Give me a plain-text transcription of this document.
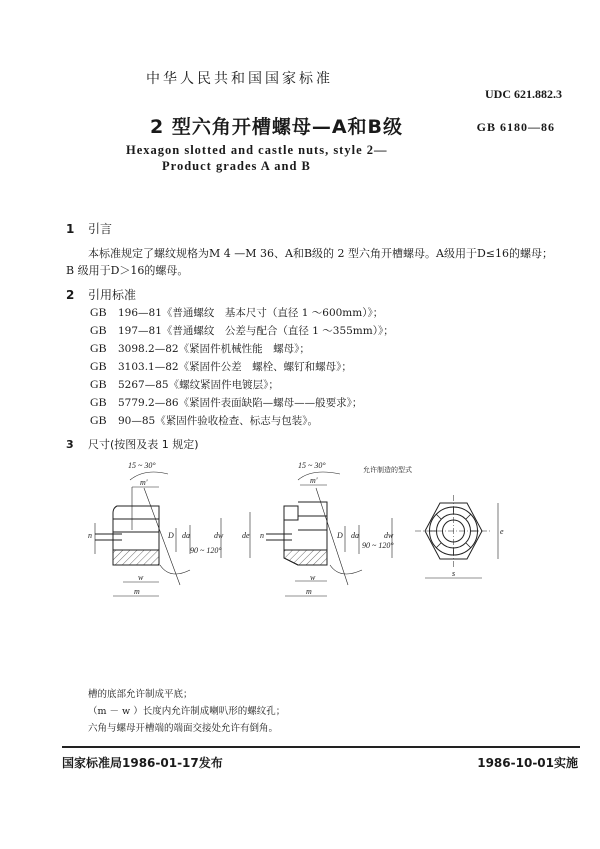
中华人民共和国国家标准
UDC 621.882.3
2 型六角开槽螺母—A和B级	GB 6180—86
Hexagon slotted and castle nuts, style 2—
Product grades A and B
1 引言
本标准规定了螺纹规格为M 4 —M 36、A和B级的 2 型六角开槽螺母。A级用于D≤16的螺母；
B 级用于D＞16的螺母。
2 引用标准
GB 196—81《普通螺纹　基本尺寸（直径 1 ～600mm）》；
GB 197—81《普通螺纹　公差与配合（直径 1 ～355mm）》；
GB 3098.2—82《紧固件机械性能　螺母》；
GB 3103.1—82《紧固件公差　螺栓、螺钉和螺母》；
GB 5267—85《螺纹紧固件电镀层》；
GB 5779.2—86《紧固件表面缺陷—螺母——般要求》；
GB 90—85《紧固件验收检查、标志与包装》。
3 尺寸(按图及表 1 规定)
15 ~ 30°
m'
n	D da	dw
90 ~ 120°
w
m
15 ~ 30°
m'
de n	D da	dw
90 ~ 120°
w
m
允许制造的型式
e
s
槽的底部允许制成平底；
（m － w ）长度内允许制成喇叭形的螺纹孔；
六角与螺母开槽端的端面交接处允许有倒角。
国家标准局1986-01-17发布	1986-10-01实施
